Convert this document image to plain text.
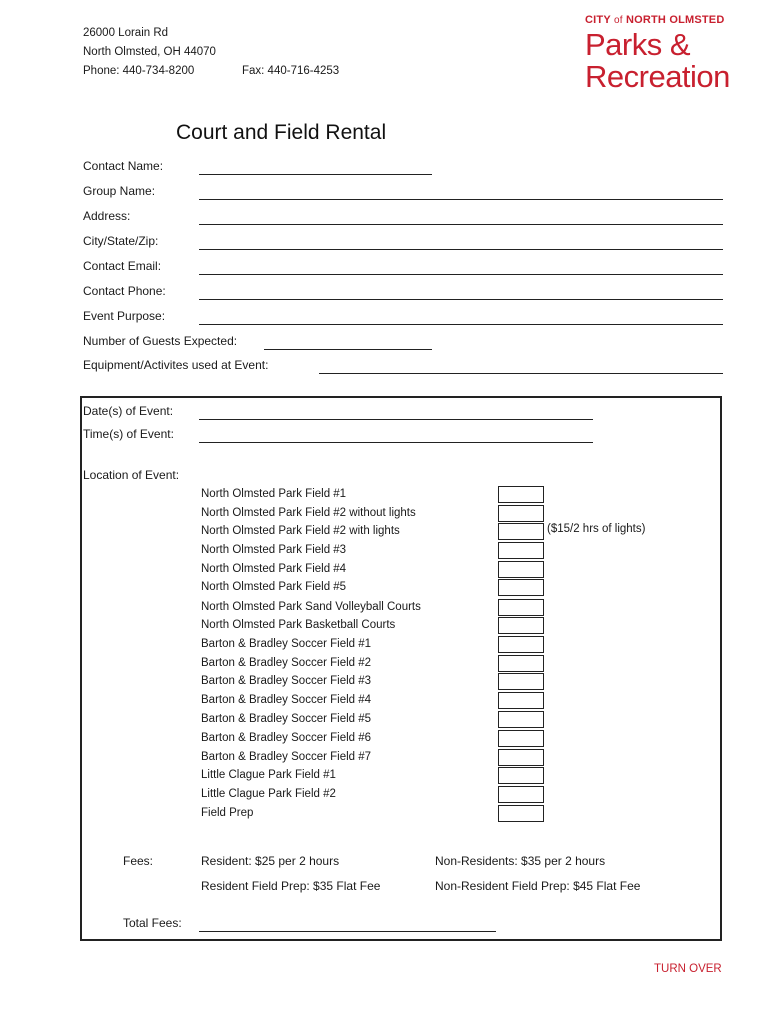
26000 Lorain Rd
North Olmsted, OH 44070
Phone: 440-734-8200	Fax: 440-716-4253
CITY of NORTH OLMSTED
Parks &
Recreation
Court and Field Rental
Contact Name:
Group Name:
Address:
City/State/Zip:
Contact Email:
Contact Phone:
Event Purpose:
Number of Guests Expected:
Equipment/Activites used at Event:
Date(s) of Event:
Time(s) of Event:
Location of Event:
North Olmsted Park Field #1
North Olmsted Park Field #2 without lights
North Olmsted Park Field #2 with lights
North Olmsted Park Field #3
North Olmsted Park Field #4
North Olmsted Park Field #5
North Olmsted Park Sand Volleyball Courts
North Olmsted Park Basketball Courts
Barton & Bradley Soccer Field #1
Barton & Bradley Soccer Field #2
Barton & Bradley Soccer Field #3
Barton & Bradley Soccer Field #4
Barton & Bradley Soccer Field #5
Barton & Bradley Soccer Field #6
Barton & Bradley Soccer Field #7
Little Clague Park Field #1
Little Clague Park Field #2
Field Prep
($15/2 hrs of lights)
Fees:	Resident: $25 per 2 hours	Non-Residents: $35 per 2 hours
Resident Field Prep: $35 Flat Fee	Non-Resident Field Prep: $45 Flat Fee
Total Fees:
TURN OVER
